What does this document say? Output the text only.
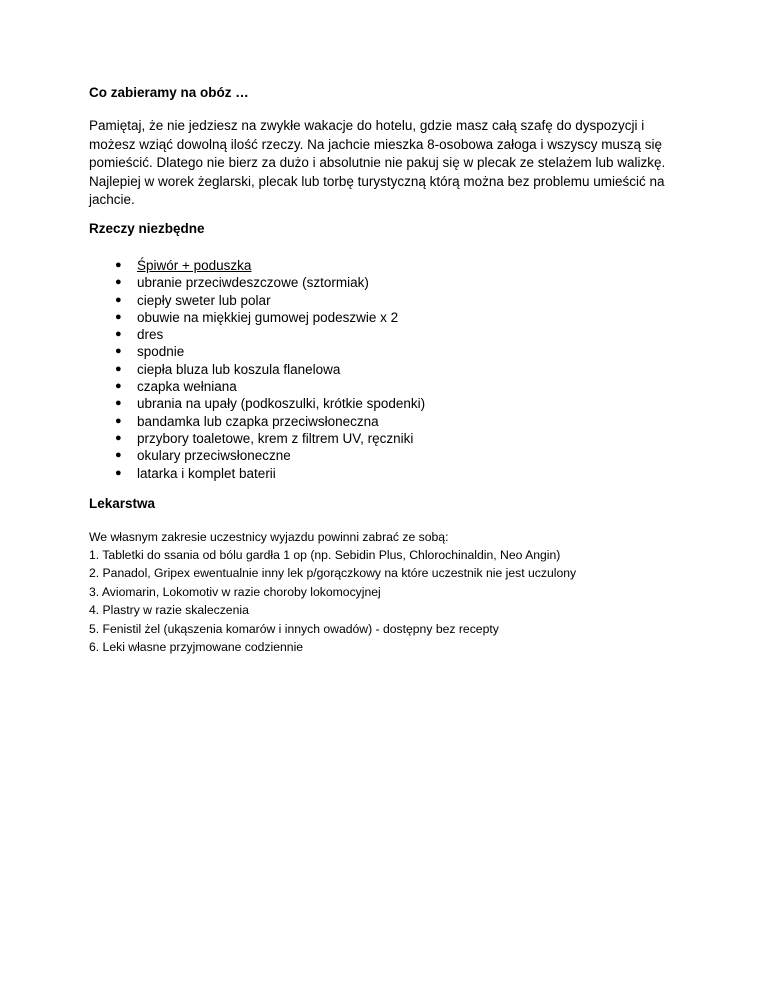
Co zabieramy na obóz …

Pamiętaj, że nie jedziesz na zwykłe wakacje do hotelu, gdzie masz całą szafę do dyspozycji i możesz wziąć dowolną ilość rzeczy. Na jachcie mieszka 8-osobowa załoga i wszyscy muszą się pomieścić. Dlatego nie bierz za dużo i absolutnie nie pakuj się w plecak ze stelażem lub walizkę. Najlepiej w worek żeglarski, plecak lub torbę turystyczną którą można bez problemu umieścić na jachcie.

Rzeczy niezbędne
● Śpiwór + poduszka
● ubranie przeciwdeszczowe (sztormiak)
● ciepły sweter lub polar
● obuwie na miękkiej gumowej podeszwie x 2
● dres
● spodnie
● ciepła bluza lub koszula flanelowa
● czapka wełniana
● ubrania na upały (podkoszulki, krótkie spodenki)
● bandamka lub czapka przeciwsłoneczna
● przybory toaletowe, krem z filtrem UV, ręczniki
● okulary przeciwsłoneczne
● latarka i komplet baterii
Lekarstwa
We własnym zakresie uczestnicy wyjazdu powinni zabrać ze sobą:
1. Tabletki do ssania od bólu gardła 1 op (np. Sebidin Plus, Chlorochinaldin, Neo Angin)
2. Panadol, Gripex ewentualnie inny lek p/gorączkowy na które uczestnik nie jest uczulony
3. Aviomarin, Lokomotiv w razie choroby lokomocyjnej
4. Plastry w razie skaleczenia
5. Fenistil żel (ukąszenia komarów i innych owadów) - dostępny bez recepty
6. Leki własne przyjmowane codziennie
